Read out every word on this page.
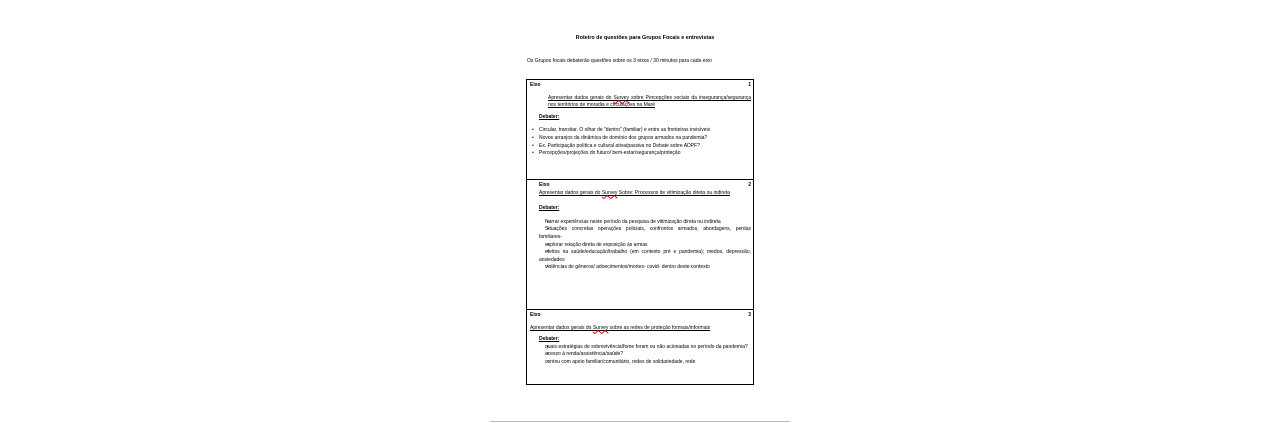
Roteiro de questões para Grupos Focais e entrevistas
Os Grupos focais debaterão questões sobre os 3 eixos / 30 minutos para cada eixo
Eixo	1
Apresentar dados gerais do Survey sobre Percepções sociais da insegurança/segurança nos territórios de moradia e circulações na Maré
Debater:
• Circular, transitar. O olhar de "dentro" (familiar) e entre as fronteiras invisíveis
• Novos arranjos da dinâmica de domínio dos grupos armados na pandemia?
• Ex. Participação política e cultural ativa/passiva no Debate sobre ADPF?
• Percepções/projeções do futuro/ bem-estar/segurança/proteção
Eixo	2
Apresentar dados gerais do Survey Sobre: Processos de vitimização direta ou indireta
Debater:
• Narrar experiências neste período da pesquisa de vitimização direta ou indireta
• Situações concretas operações policiais, confrontos armados, abordagens, perdas familiares-
• explorar relação direta de exposição às armas
• efeitos na saúde/educação/trabalho (em contexto pré e pandemia); medos, depressão, ansiedades
• violências de gêneros/ adoecimentos/mortes- covid- dentro deste contexto
Eixo	3
Apresentar dados gerais do Survey sobre as redes de proteção formais/informais
Debater:
• quais estratégias de sobrevivência/fome foram ou não acionadas no período da pandemia?
• acesso à renda/assistência/saúde?
• contou com apoio familiar/comunitário, redes de solidariedade, rede
